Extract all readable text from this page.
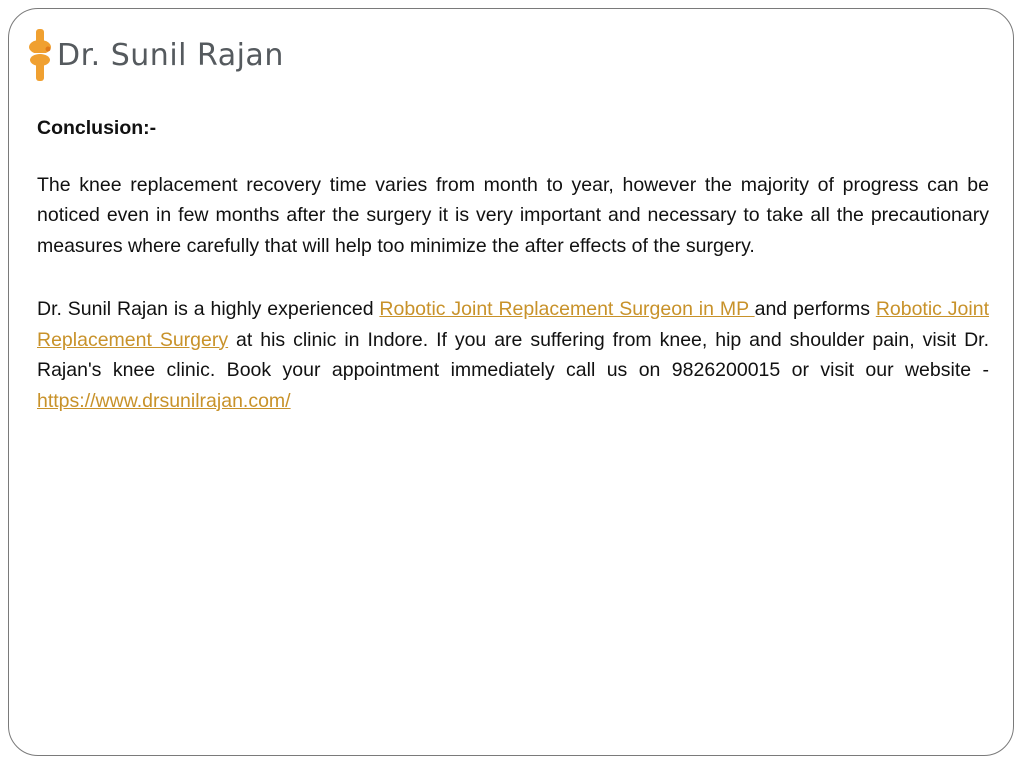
Dr. Sunil Rajan

Conclusion:-

The knee replacement recovery time varies from month to year, however the majority of progress can be noticed even in few months after the surgery it is very important and necessary to take all the precautionary measures where carefully that will help too minimize the after effects of the surgery.

Dr. Sunil Rajan is a highly experienced Robotic Joint Replacement Surgeon in MP and performs Robotic Joint Replacement Surgery at his clinic in Indore. If you are suffering from knee, hip and shoulder pain, visit Dr. Rajan's knee clinic. Book your appointment immediately call us on 9826200015 or visit our website - https://www.drsunilrajan.com/
